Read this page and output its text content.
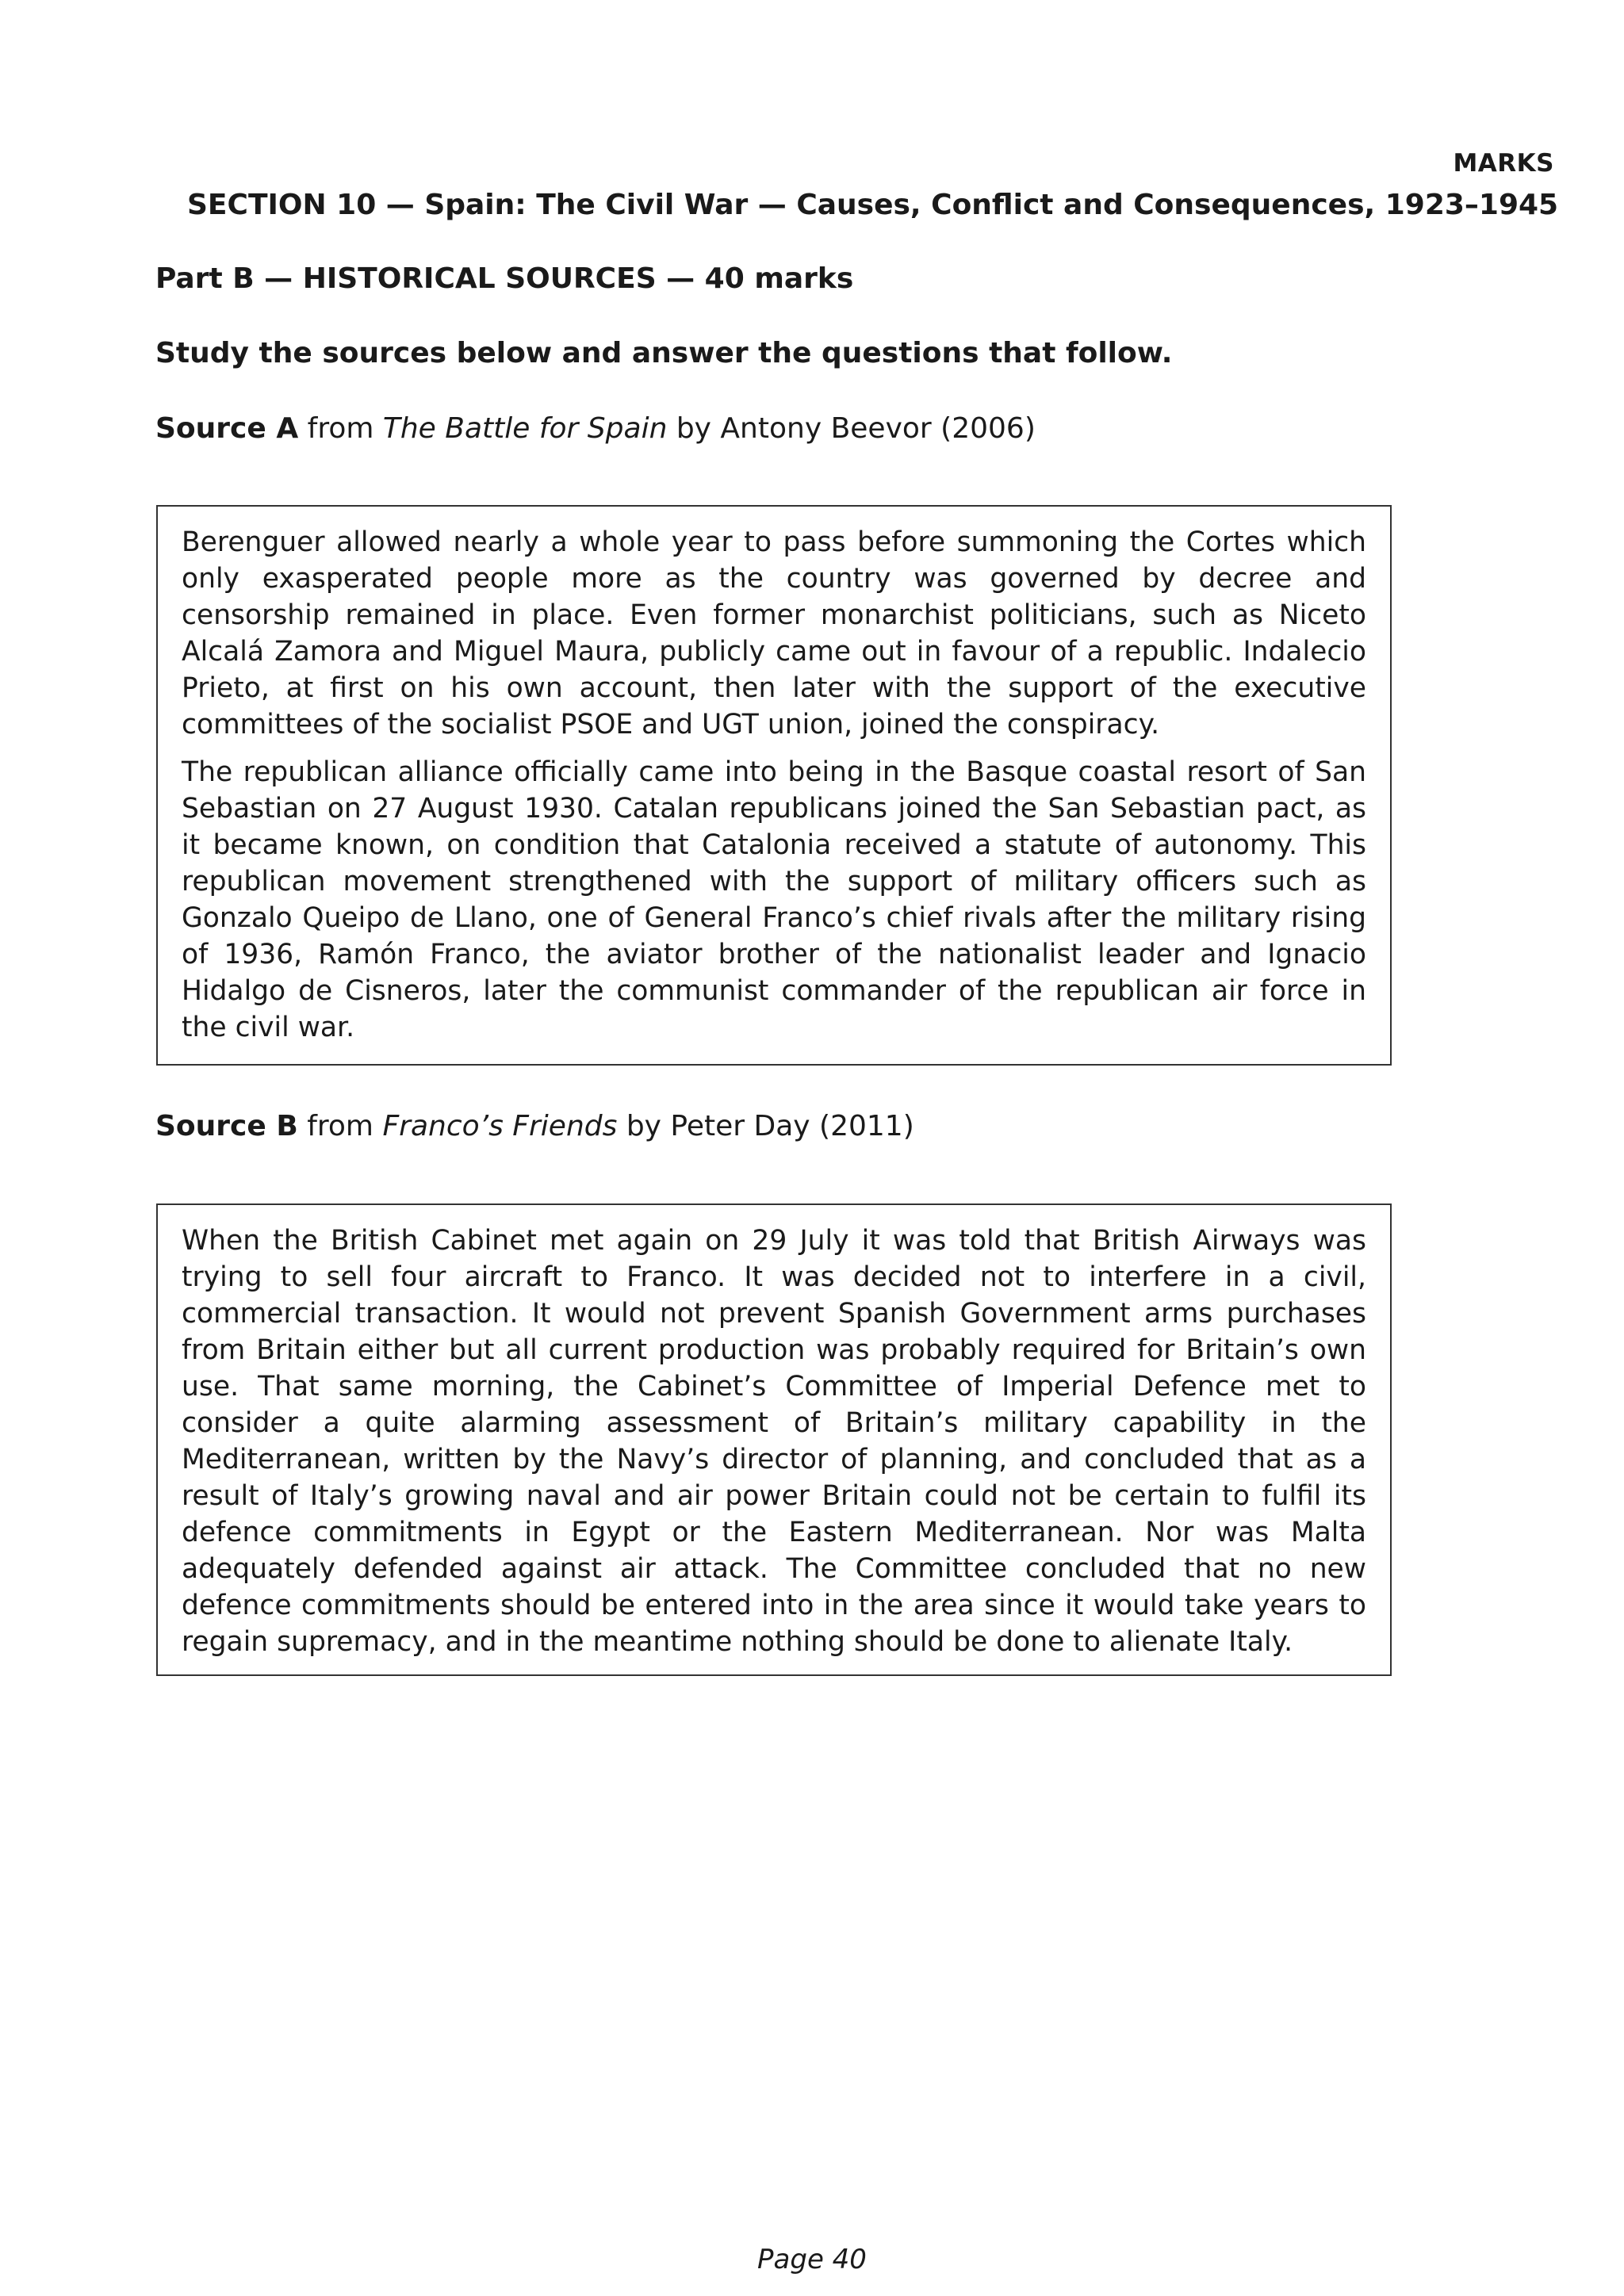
MARKS
SECTION 10 — Spain: The Civil War — Causes, Conflict and Consequences, 1923–1945
Part B — HISTORICAL SOURCES — 40 marks
Study the sources below and answer the questions that follow.
Source A from The Battle for Spain by Antony Beevor (2006)

Berenguer allowed nearly a whole year to pass before summoning the Cortes which only exasperated people more as the country was governed by decree and censorship remained in place. Even former monarchist politicians, such as Niceto Alcalá Zamora and Miguel Maura, publicly came out in favour of a republic. Indalecio Prieto, at first on his own account, then later with the support of the executive committees of the socialist PSOE and UGT union, joined the conspiracy.

The republican alliance officially came into being in the Basque coastal resort of San Sebastian on 27 August 1930. Catalan republicans joined the San Sebastian pact, as it became known, on condition that Catalonia received a statute of autonomy. This republican movement strengthened with the support of military officers such as Gonzalo Queipo de Llano, one of General Franco’s chief rivals after the military rising of 1936, Ramón Franco, the aviator brother of the nationalist leader and Ignacio Hidalgo de Cisneros, later the communist commander of the republican air force in the civil war.

Source B from Franco’s Friends by Peter Day (2011)

When the British Cabinet met again on 29 July it was told that British Airways was trying to sell four aircraft to Franco. It was decided not to interfere in a civil, commercial transaction. It would not prevent Spanish Government arms purchases from Britain either but all current production was probably required for Britain’s own use. That same morning, the Cabinet’s Committee of Imperial Defence met to consider a quite alarming assessment of Britain’s military capability in the Mediterranean, written by the Navy’s director of planning, and concluded that as a result of Italy’s growing naval and air power Britain could not be certain to fulfil its defence commitments in Egypt or the Eastern Mediterranean. Nor was Malta adequately defended against air attack. The Committee concluded that no new defence commitments should be entered into in the area since it would take years to regain supremacy, and in the meantime nothing should be done to alienate Italy.

Page 40
